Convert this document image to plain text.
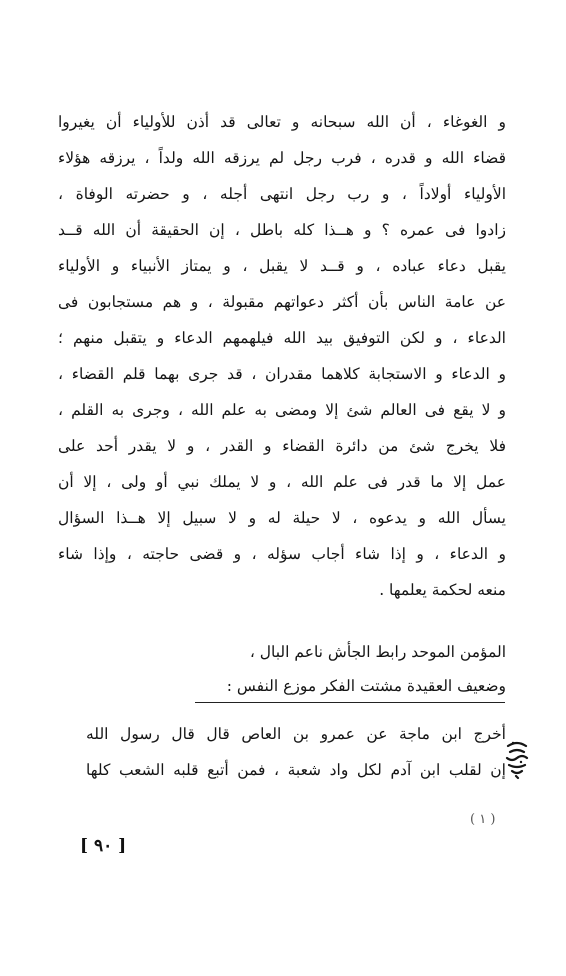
و الغوغاء ، أن الله سبحانه و تعالى قد أذن للأولياء أن يغيروا
قضاء الله و قدره ، فرب رجل لم يرزقه الله ولداً ، يرزقه هؤلاء
الأولياء أولاداً ، و رب رجل انتهى أجله ، و حضرته الوفاة ،
زادوا فى عمره ؟ و هــذا كله باطل ، إن الحقيقة أن الله قــد
يقبل دعاء عباده ، و قــد لا يقبل ، و يمتاز الأنبياء و الأولياء
عن عامة الناس بأن أكثر دعواتهم مقبولة ، و هم مستجابون فى
الدعاء ، و لكن التوفيق بيد الله فيلهمهم الدعاء و يتقبل منهم ؛
و الدعاء و الاستجابة كلاهما مقدران ، قد جرى بهما قلم القضاء ،
و لا يقع فى العالم شئ إلا ومضى به علم الله ، وجرى به القلم ،
فلا يخرج شئ من دائرة القضاء و القدر ، و لا يقدر أحد على
عمل إلا ما قدر فى علم الله ، و لا يملك نبي أو ولى ، إلا أن
يسأل الله و يدعوه ، لا حيلة له و لا سبيل إلا هــذا السؤال
و الدعاء ، و إذا شاء أجاب سؤله ، و قضى حاجته ، وإذا شاء
منعه لحكمة يعلمها .
المؤمن الموحد رابط الجأش ناعم البال ،
وضعيف العقيدة مشتت الفكر موزع النفس :
أخرج ابن ماجة عن عمرو بن العاص قال قال رسول الله
إن لقلب ابن آدم لكل واد شعبة ، فمن أتبع قلبه الشعب كلها
( ١ )
[ ٩٠ ]
